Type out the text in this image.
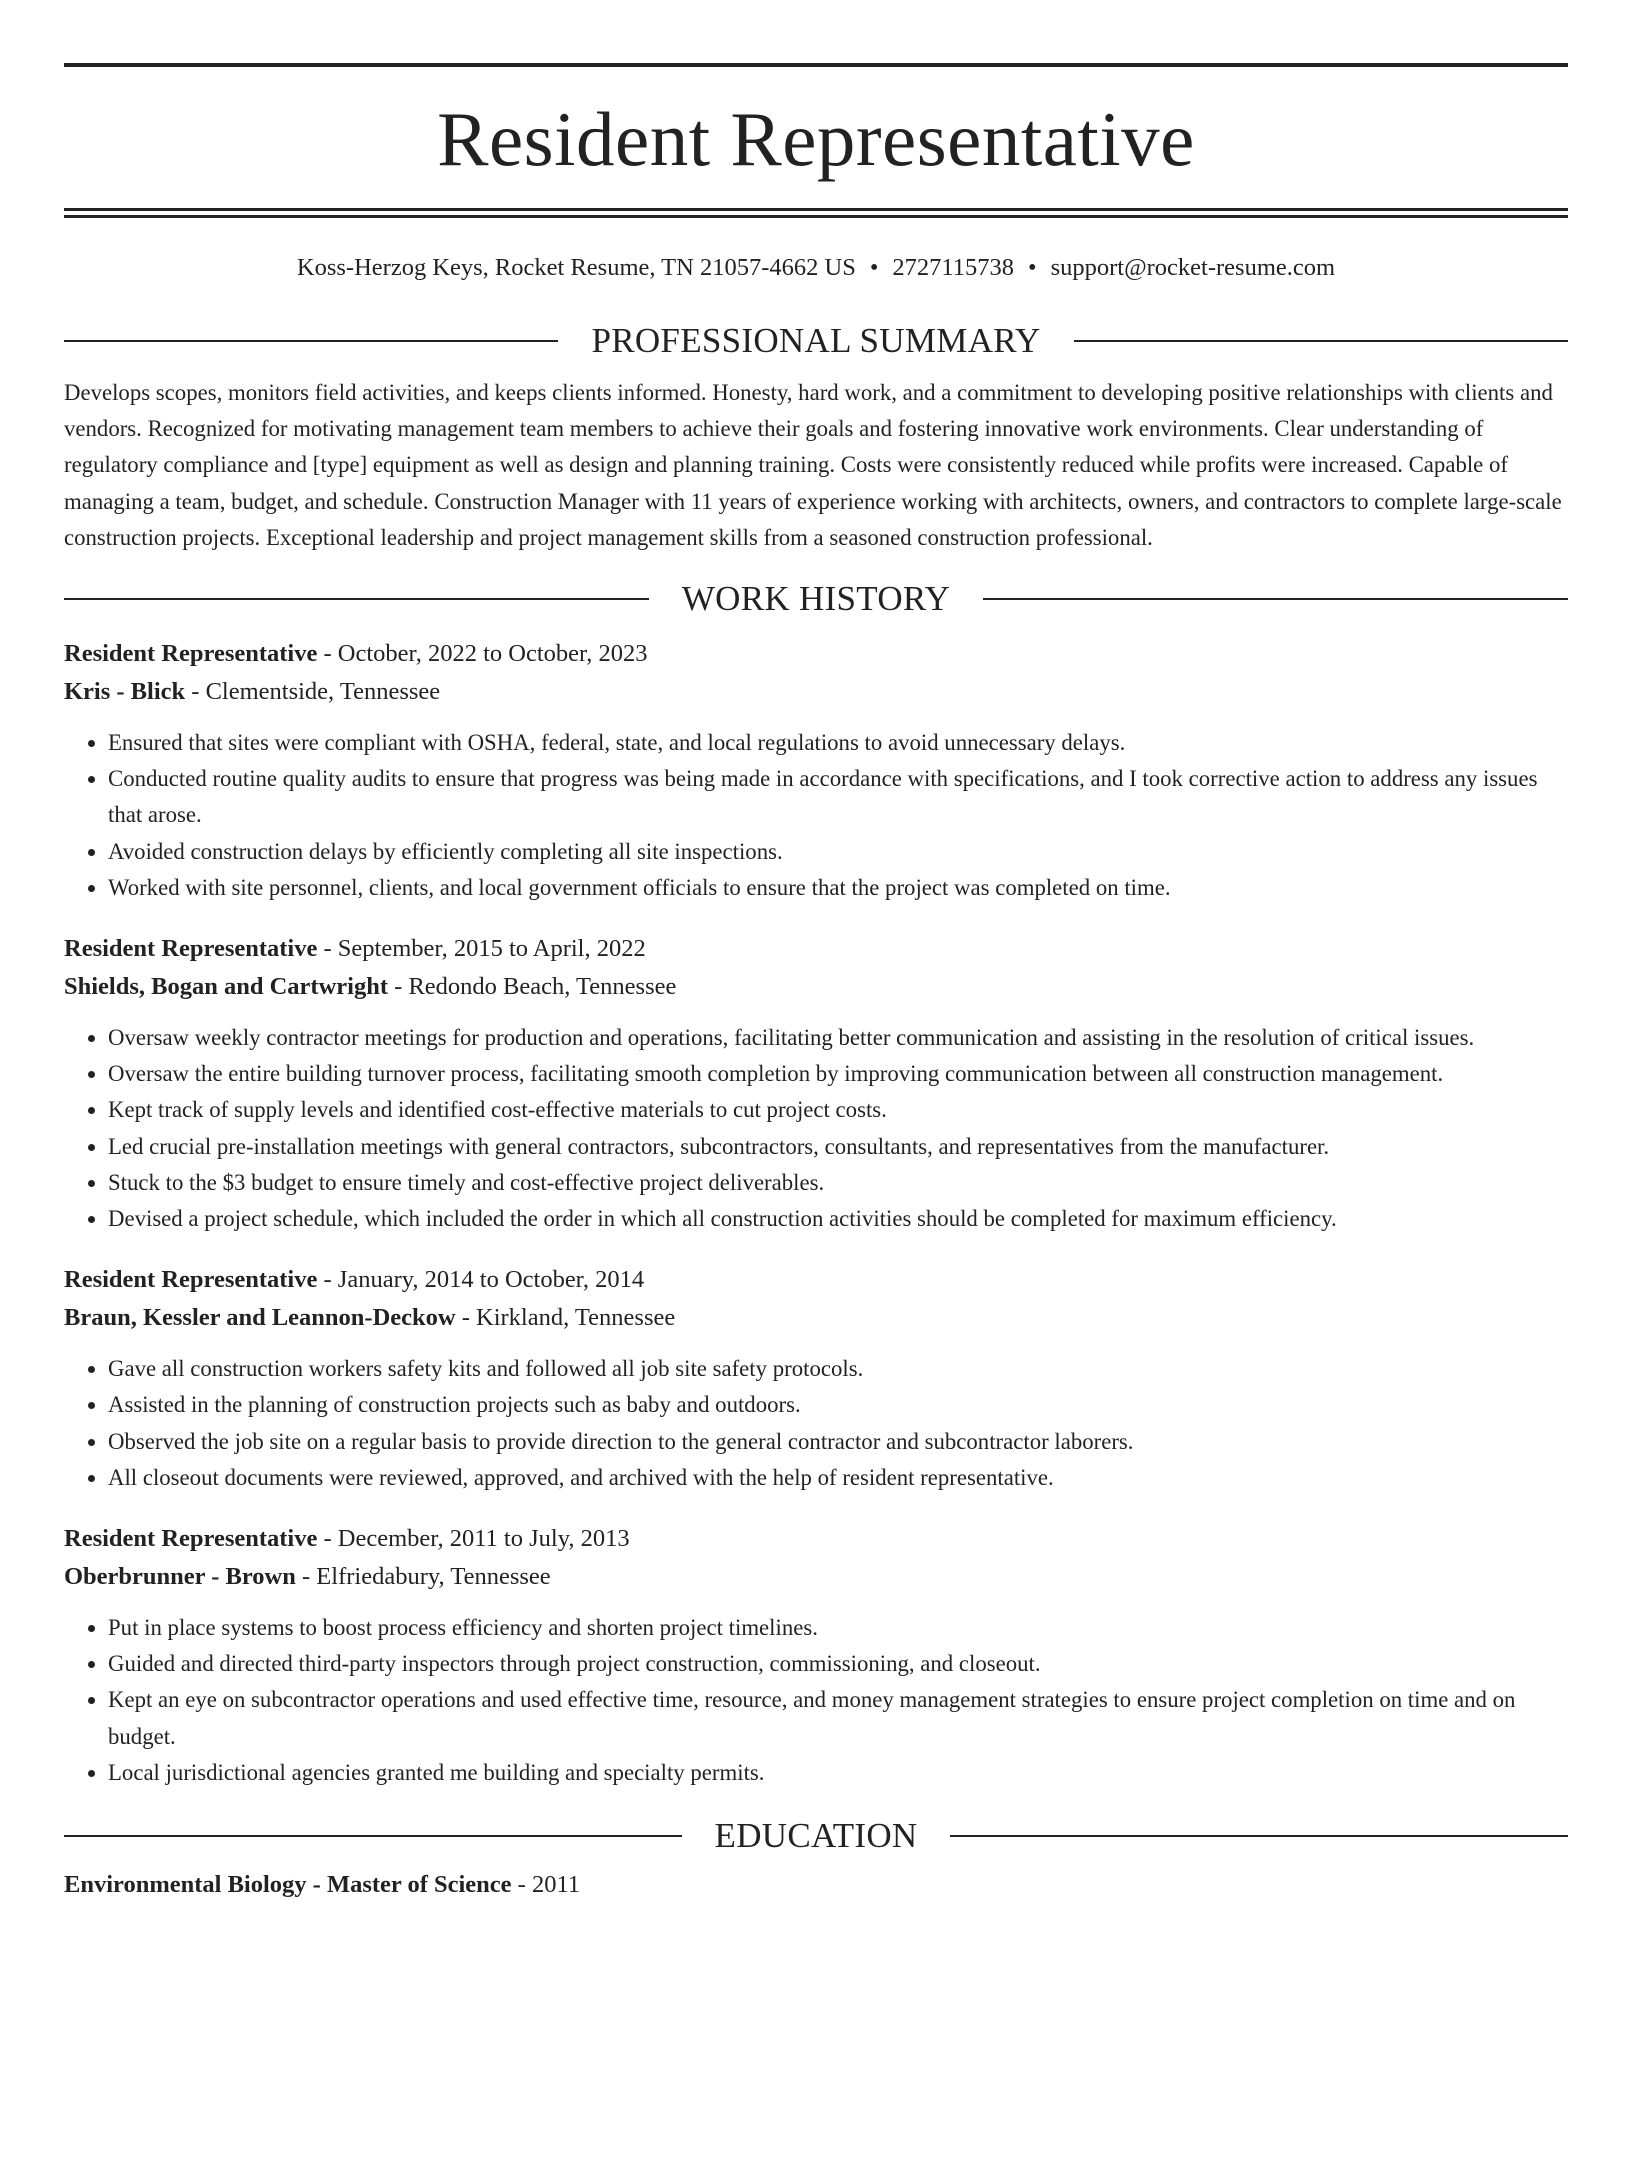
Resident Representative
Koss-Herzog Keys, Rocket Resume, TN 21057-4662 US • 2727115738 • support@rocket-resume.com
PROFESSIONAL SUMMARY

Develops scopes, monitors field activities, and keeps clients informed. Honesty, hard work, and a commitment to developing positive relationships with clients and vendors. Recognized for motivating management team members to achieve their goals and fostering innovative work environments. Clear understanding of regulatory compliance and [type] equipment as well as design and planning training. Costs were consistently reduced while profits were increased. Capable of managing a team, budget, and schedule. Construction Manager with 11 years of experience working with architects, owners, and contractors to complete large-scale construction projects. Exceptional leadership and project management skills from a seasoned construction professional.

WORK HISTORY
Resident Representative - October, 2022 to October, 2023
Kris - Blick - Clementside, Tennessee
• Ensured that sites were compliant with OSHA, federal, state, and local regulations to avoid unnecessary delays.
• Conducted routine quality audits to ensure that progress was being made in accordance with specifications, and I took corrective action to address any issues that arose.
• Avoided construction delays by efficiently completing all site inspections.
• Worked with site personnel, clients, and local government officials to ensure that the project was completed on time.
Resident Representative - September, 2015 to April, 2022
Shields, Bogan and Cartwright - Redondo Beach, Tennessee
• Oversaw weekly contractor meetings for production and operations, facilitating better communication and assisting in the resolution of critical issues.
• Oversaw the entire building turnover process, facilitating smooth completion by improving communication between all construction management.
• Kept track of supply levels and identified cost-effective materials to cut project costs.
• Led crucial pre-installation meetings with general contractors, subcontractors, consultants, and representatives from the manufacturer.
• Stuck to the $3 budget to ensure timely and cost-effective project deliverables.
• Devised a project schedule, which included the order in which all construction activities should be completed for maximum efficiency.
Resident Representative - January, 2014 to October, 2014
Braun, Kessler and Leannon-Deckow - Kirkland, Tennessee
• Gave all construction workers safety kits and followed all job site safety protocols.
• Assisted in the planning of construction projects such as baby and outdoors.
• Observed the job site on a regular basis to provide direction to the general contractor and subcontractor laborers.
• All closeout documents were reviewed, approved, and archived with the help of resident representative.
Resident Representative - December, 2011 to July, 2013
Oberbrunner - Brown - Elfriedabury, Tennessee
• Put in place systems to boost process efficiency and shorten project timelines.
• Guided and directed third-party inspectors through project construction, commissioning, and closeout.
• Kept an eye on subcontractor operations and used effective time, resource, and money management strategies to ensure project completion on time and on budget.
• Local jurisdictional agencies granted me building and specialty permits.
EDUCATION
Environmental Biology - Master of Science - 2011
